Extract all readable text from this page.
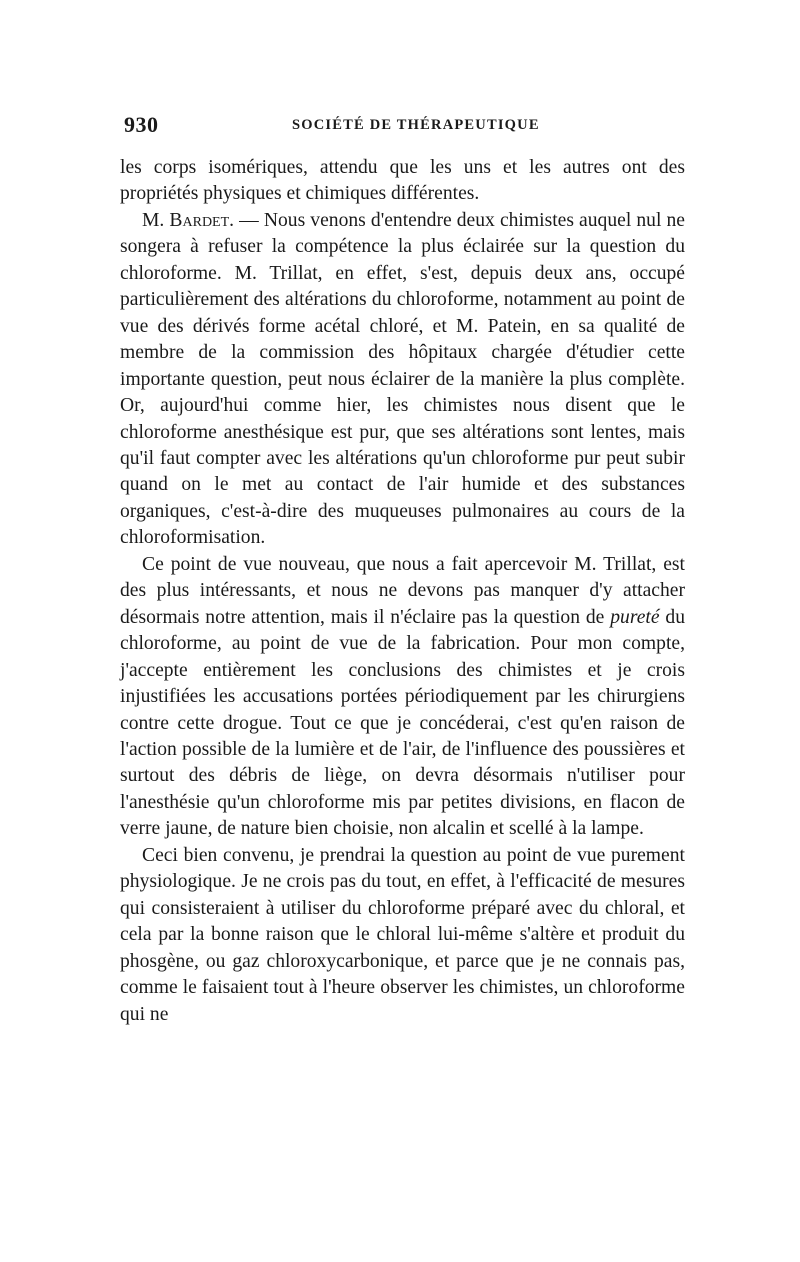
930	SOCIÉTÉ DE THÉRAPEUTIQUE

les corps isomériques, attendu que les uns et les autres ont des propriétés physiques et chimiques différentes.

M. Bardet. — Nous venons d'entendre deux chimistes auquel nul ne songera à refuser la compétence la plus éclairée sur la question du chloroforme. M. Trillat, en effet, s'est, depuis deux ans, occupé particulièrement des altérations du chloroforme, notamment au point de vue des dérivés forme acétal chloré, et M. Patein, en sa qualité de membre de la commission des hôpitaux chargée d'étudier cette importante question, peut nous éclairer de la manière la plus complète. Or, aujourd'hui comme hier, les chimistes nous disent que le chloroforme anesthésique est pur, que ses altérations sont lentes, mais qu'il faut compter avec les altérations qu'un chloroforme pur peut subir quand on le met au contact de l'air humide et des substances organiques, c'est-à-dire des muqueuses pulmonaires au cours de la chloroformisation.

Ce point de vue nouveau, que nous a fait apercevoir M. Trillat, est des plus intéressants, et nous ne devons pas manquer d'y attacher désormais notre attention, mais il n'éclaire pas la question de pureté du chloroforme, au point de vue de la fabrication. Pour mon compte, j'accepte entièrement les conclusions des chimistes et je crois injustifiées les accusations portées périodiquement par les chirurgiens contre cette drogue. Tout ce que je concéderai, c'est qu'en raison de l'action possible de la lumière et de l'air, de l'influence des poussières et surtout des débris de liège, on devra désormais n'utiliser pour l'anesthésie qu'un chloroforme mis par petites divisions, en flacon de verre jaune, de nature bien choisie, non alcalin et scellé à la lampe.

Ceci bien convenu, je prendrai la question au point de vue purement physiologique. Je ne crois pas du tout, en effet, à l'efficacité de mesures qui consisteraient à utiliser du chloroforme préparé avec du chloral, et cela par la bonne raison que le chloral lui-même s'altère et produit du phosgène, ou gaz chloroxycarbonique, et parce que je ne connais pas, comme le faisaient tout à l'heure observer les chimistes, un chloroforme qui ne
